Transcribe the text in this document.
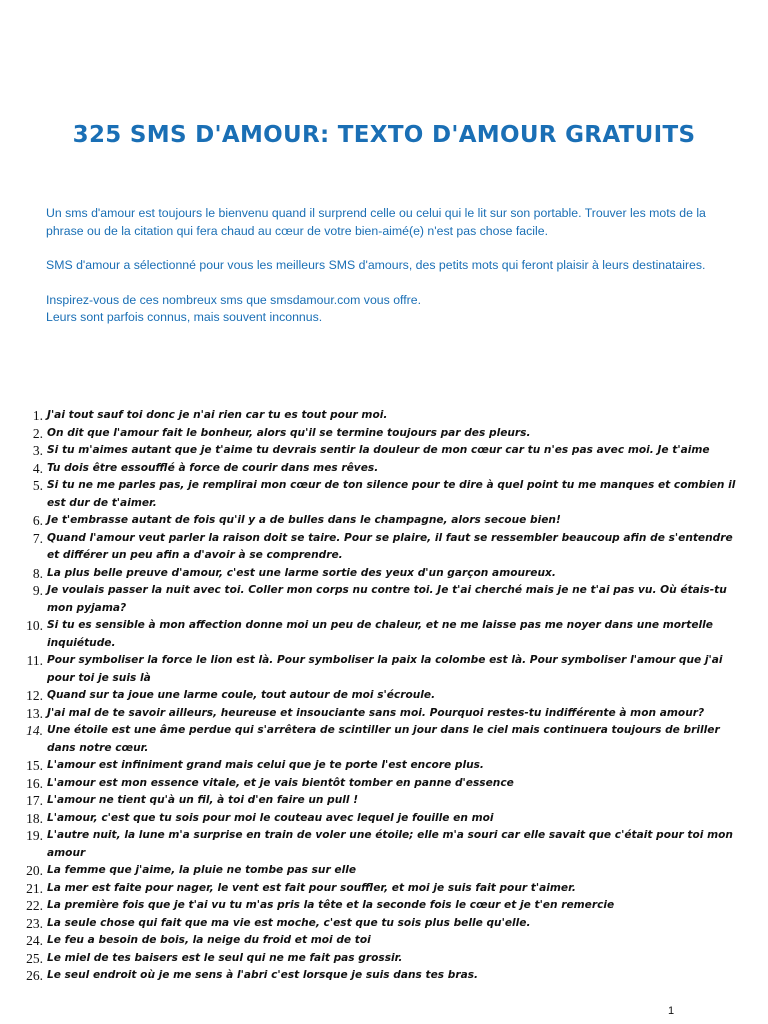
325 SMS D'AMOUR: TEXTO D'AMOUR GRATUITS

Un sms d'amour est toujours le bienvenu quand il surprend celle ou celui qui le lit sur son portable. Trouver les mots de la phrase ou de la citation qui fera chaud au cœur de votre bien-aimé(e) n'est pas chose facile.

SMS d'amour a sélectionné pour vous les meilleurs SMS d'amours, des petits mots qui feront plaisir à leurs destinataires.

Inspirez-vous de ces nombreux sms que smsdamour.com vous offre.

Leurs sont parfois connus, mais souvent inconnus.

1. J'ai tout sauf toi donc je n'ai rien car tu es tout pour moi.
2. On dit que l'amour fait le bonheur, alors qu'il se termine toujours par des pleurs.
3. Si tu m'aimes autant que je t'aime tu devrais sentir la douleur de mon cœur car tu n'es pas avec moi. Je t'aime
4. Tu dois être essoufflé à force de courir dans mes rêves.
5. Si tu ne me parles pas, je remplirai mon cœur de ton silence pour te dire à quel point tu me manques et combien il est dur de t'aimer.
6. Je t'embrasse autant de fois qu'il y a de bulles dans le champagne, alors secoue bien!
7. Quand l'amour veut parler la raison doit se taire. Pour se plaire, il faut se ressembler beaucoup afin de s'entendre et différer un peu afin a d'avoir à se comprendre.
8. La plus belle preuve d'amour, c'est une larme sortie des yeux d'un garçon amoureux.
9. Je voulais passer la nuit avec toi. Coller mon corps nu contre toi. Je t'ai cherché mais je ne t'ai pas vu. Où étais-tu mon pyjama?
10. Si tu es sensible à mon affection donne moi un peu de chaleur, et ne me laisse pas me noyer dans une mortelle inquiétude.
11. Pour symboliser la force le lion est là. Pour symboliser la paix la colombe est là. Pour symboliser l'amour que j'ai pour toi je suis là
12. Quand sur ta joue une larme coule, tout autour de moi s'écroule.
13. J'ai mal de te savoir ailleurs, heureuse et insouciante sans moi. Pourquoi restes-tu indifférente à mon amour?
14. Une étoile est une âme perdue qui s'arrêtera de scintiller un jour dans le ciel mais continuera toujours de briller dans notre cœur.
15. L'amour est infiniment grand mais celui que je te porte l'est encore plus.
16. L'amour est mon essence vitale, et je vais bientôt tomber en panne d'essence
17. L'amour ne tient qu'à un fil, à toi d'en faire un pull !
18. L'amour, c'est que tu sois pour moi le couteau avec lequel je fouille en moi
19. L'autre nuit, la lune m'a surprise en train de voler une étoile; elle m'a souri car elle savait que c'était pour toi mon amour
20. La femme que j'aime, la pluie ne tombe pas sur elle
21. La mer est faite pour nager, le vent est fait pour souffler, et moi je suis fait pour t'aimer.
22. La première fois que je t'ai vu tu m'as pris la tête et la seconde fois le cœur et je t'en remercie
23. La seule chose qui fait que ma vie est moche, c'est que tu sois plus belle qu'elle.
24. Le feu a besoin de bois, la neige du froid et moi de toi
25. Le miel de tes baisers est le seul qui ne me fait pas grossir.
26. Le seul endroit où je me sens à l'abri c'est lorsque je suis dans tes bras.
1
